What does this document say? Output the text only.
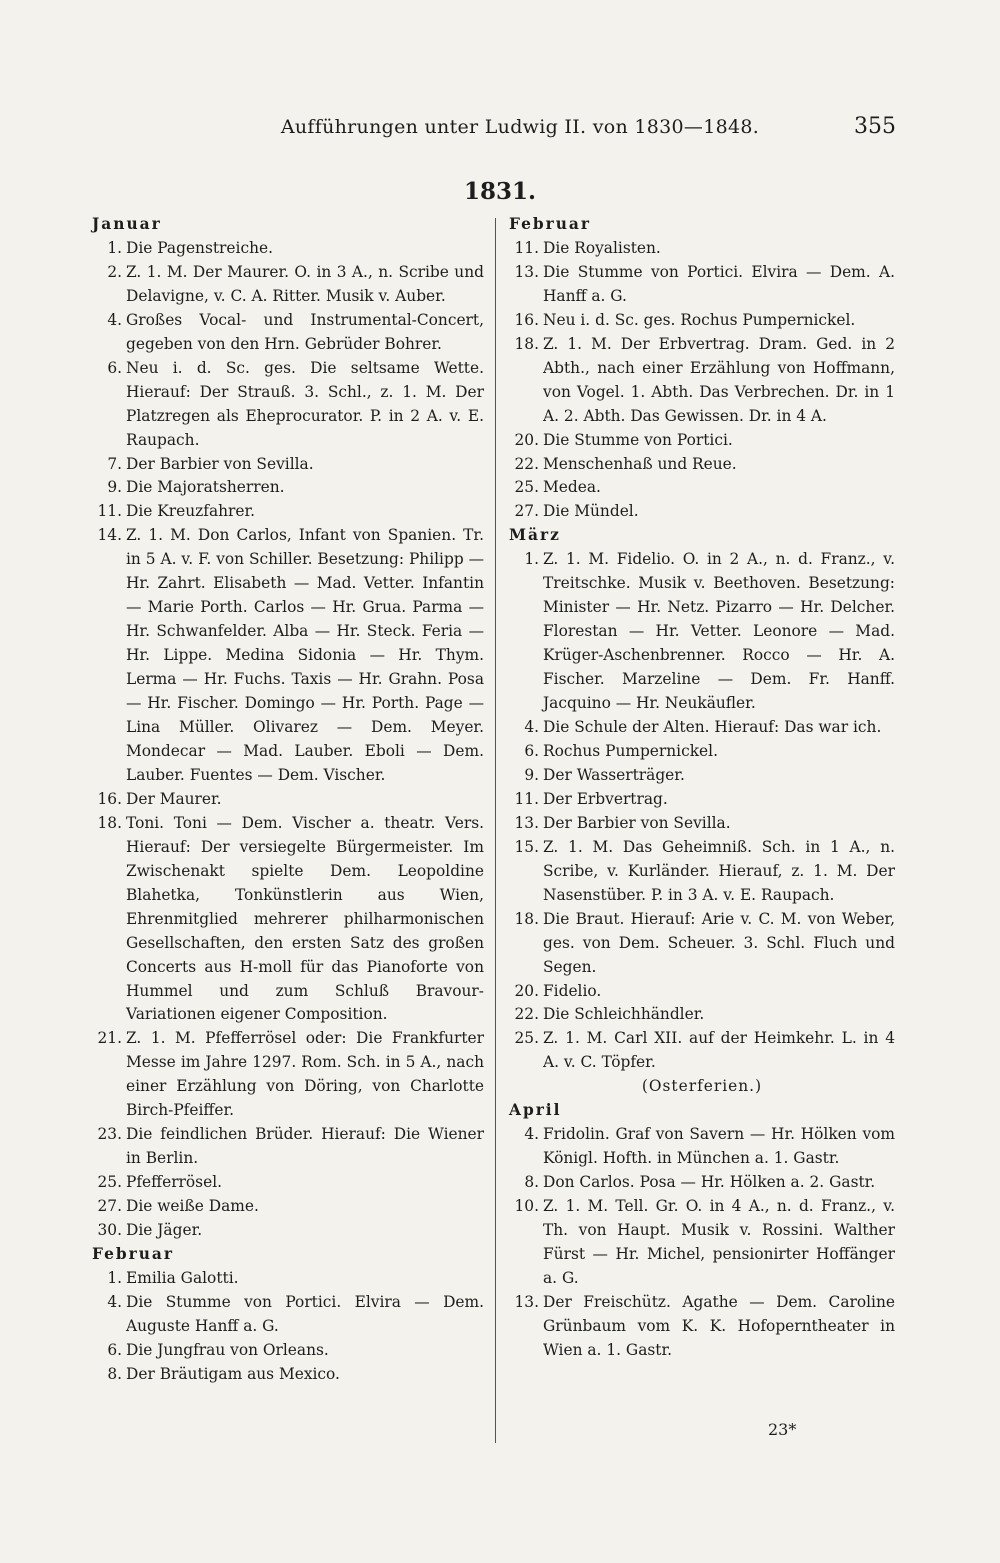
Aufführungen unter Ludwig II. von 1830—1848.	355
1831.
Januar
1. Die Pagenstreiche.
2. Z. 1. M. Der Maurer. O. in 3 A., n. Scribe und Delavigne, v. C. A. Ritter. Musik v. Auber.
4. Großes Vocal- und Instrumental-Concert, gegeben von den Hrn. Gebrüder Bohrer.
6. Neu i. d. Sc. ges. Die seltsame Wette. Hierauf: Der Strauß. 3. Schl., z. 1. M. Der Platzregen als Eheprocurator. P. in 2 A. v. E. Raupach.
7. Der Barbier von Sevilla.
9. Die Majoratsherren.
11. Die Kreuzfahrer.
14. Z. 1. M. Don Carlos, Infant von Spanien. Tr. in 5 A. v. F. von Schiller. Besetzung: Philipp — Hr. Zahrt. Elisabeth — Mad. Vetter. Infantin — Marie Porth. Carlos — Hr. Grua. Parma — Hr. Schwanfelder. Alba — Hr. Steck. Feria — Hr. Lippe. Medina Sidonia — Hr. Thym. Lerma — Hr. Fuchs. Taxis — Hr. Grahn. Posa — Hr. Fischer. Domingo — Hr. Porth. Page — Lina Müller. Olivarez — Dem. Meyer. Mondecar — Mad. Lauber. Eboli — Dem. Lauber. Fuentes — Dem. Vischer.
16. Der Maurer.
18. Toni. Toni — Dem. Vischer a. theatr. Vers. Hierauf: Der versiegelte Bürgermeister. Im Zwischenakt spielte Dem. Leopoldine Blahetka, Tonkünstlerin aus Wien, Ehrenmitglied mehrerer philharmonischen Gesellschaften, den ersten Satz des großen Concerts aus H-moll für das Pianoforte von Hummel und zum Schluß Bravour-Variationen eigener Composition.
21. Z. 1. M. Pfefferrösel oder: Die Frankfurter Messe im Jahre 1297. Rom. Sch. in 5 A., nach einer Erzählung von Döring, von Charlotte Birch-Pfeiffer.
23. Die feindlichen Brüder. Hierauf: Die Wiener in Berlin.
25. Pfefferrösel.
27. Die weiße Dame.
30. Die Jäger.
Februar
1. Emilia Galotti.
4. Die Stumme von Portici. Elvira — Dem. Auguste Hanff a. G.
6. Die Jungfrau von Orleans.
8. Der Bräutigam aus Mexico.
Februar
11. Die Royalisten.
13. Die Stumme von Portici. Elvira — Dem. A. Hanff a. G.
16. Neu i. d. Sc. ges. Rochus Pumpernickel.
18. Z. 1. M. Der Erbvertrag. Dram. Ged. in 2 Abth., nach einer Erzählung von Hoffmann, von Vogel. 1. Abth. Das Verbrechen. Dr. in 1 A. 2. Abth. Das Gewissen. Dr. in 4 A.
20. Die Stumme von Portici.
22. Menschenhaß und Reue.
25. Medea.
27. Die Mündel.
März
1. Z. 1. M. Fidelio. O. in 2 A., n. d. Franz., v. Treitschke. Musik v. Beethoven. Besetzung: Minister — Hr. Netz. Pizarro — Hr. Delcher. Florestan — Hr. Vetter. Leonore — Mad. Krüger-Aschenbrenner. Rocco — Hr. A. Fischer. Marzeline — Dem. Fr. Hanff. Jacquino — Hr. Neukäufler.
4. Die Schule der Alten. Hierauf: Das war ich.
6. Rochus Pumpernickel.
9. Der Wasserträger.
11. Der Erbvertrag.
13. Der Barbier von Sevilla.
15. Z. 1. M. Das Geheimniß. Sch. in 1 A., n. Scribe, v. Kurländer. Hierauf, z. 1. M. Der Nasenstüber. P. in 3 A. v. E. Raupach.
18. Die Braut. Hierauf: Arie v. C. M. von Weber, ges. von Dem. Scheuer. 3. Schl. Fluch und Segen.
20. Fidelio.
22. Die Schleichhändler.
25. Z. 1. M. Carl XII. auf der Heimkehr. L. in 4 A. v. C. Töpfer.
(Osterferien.)
April
4. Fridolin. Graf von Savern — Hr. Hölken vom Königl. Hofth. in München a. 1. Gastr.
8. Don Carlos. Posa — Hr. Hölken a. 2. Gastr.
10. Z. 1. M. Tell. Gr. O. in 4 A., n. d. Franz., v. Th. von Haupt. Musik v. Rossini. Walther Fürst — Hr. Michel, pensionirter Hoffänger a. G.
13. Der Freischütz. Agathe — Dem. Caroline Grünbaum vom K. K. Hofoperntheater in Wien a. 1. Gastr.
23*
